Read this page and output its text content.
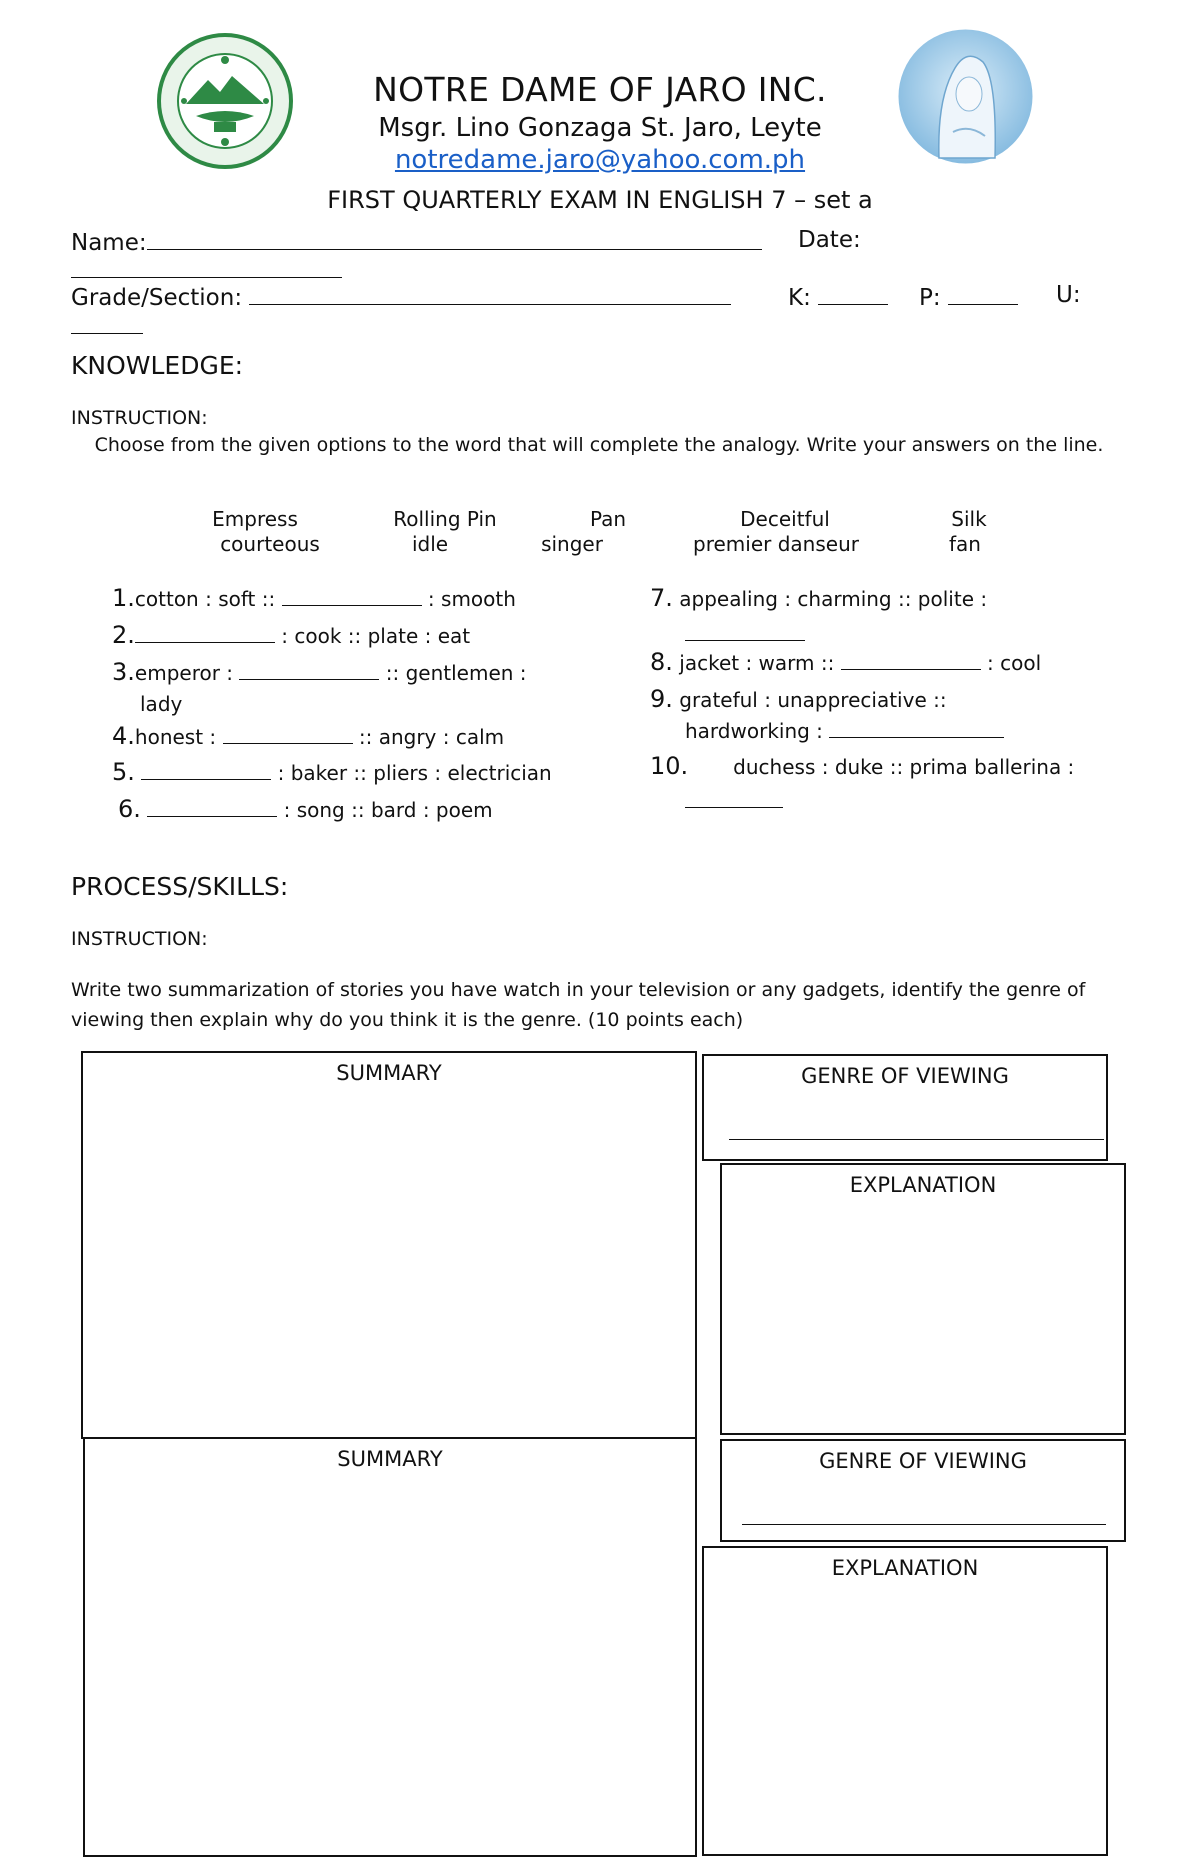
NOTRE DAME OF JARO INC.
Msgr. Lino Gonzaga St. Jaro, Leyte
notredame.jaro@yahoo.com.ph
FIRST QUARTERLY EXAM IN ENGLISH 7 – set a
Name:	Date:
Grade/Section:	K:	P:	U:
KNOWLEDGE:
INSTRUCTION:
Choose from the given options to the word that will complete the analogy. Write your answers on the line.
Empress	Rolling Pin	Pan	Deceitful	Silk
courteous	idle	singer	premier danseur	fan
1.cotton : soft ::	: smooth
2.	: cook :: plate : eat
3.emperor :	:: gentlemen :
lady
4.honest :	:: angry : calm
5.	: baker :: pliers : electrician
6.	: song :: bard : poem
7. appealing : charming :: polite :
8. jacket : warm ::	: cool
9. grateful : unappreciative ::
hardworking :
10. duchess : duke :: prima ballerina :
PROCESS/SKILLS:
INSTRUCTION:
Write two summarization of stories you have watch in your television or any gadgets, identify the genre of viewing then explain why do you think it is the genre. (10 points each)
SUMMARY	GENRE OF VIEWING
EXPLANATION
SUMMARY	GENRE OF VIEWING
EXPLANATION
